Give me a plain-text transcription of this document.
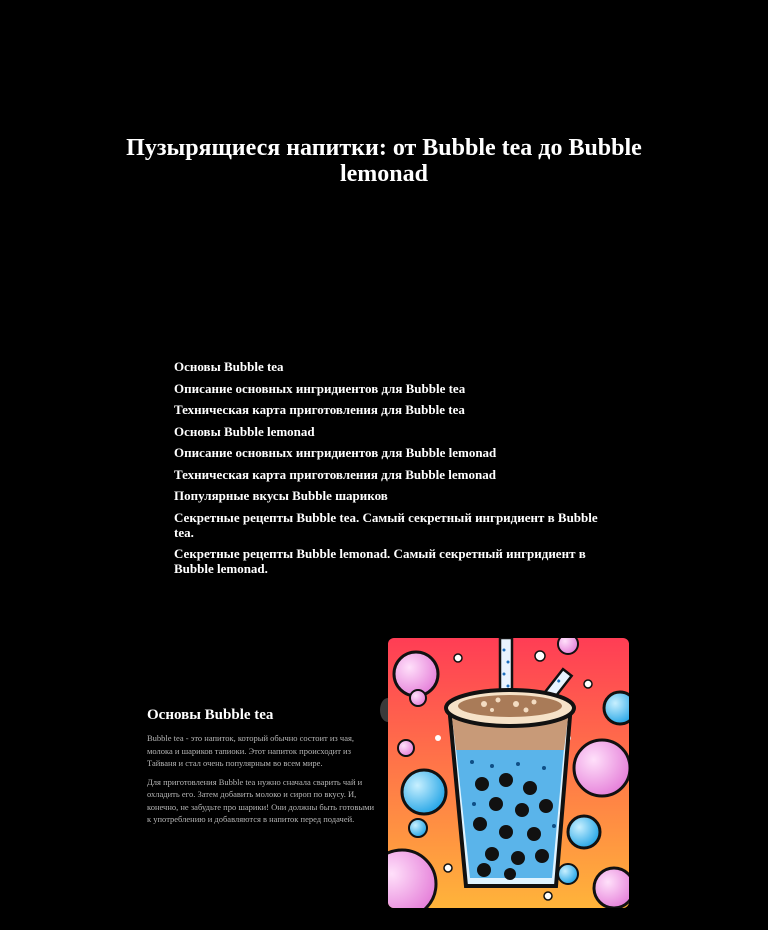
Пузырящиеся напитки: от Bubble tea до Bubble lemonad
Основы Bubble tea
Описание основных ингридиентов для Bubble tea
Техническая карта приготовления для Bubble tea
Основы Bubble lemonad
Описание основных ингридиентов для Bubble lemonad
Техническая карта приготовления для Bubble lemonad
Популярные вкусы Bubble шариков
Секретные рецепты Bubble tea. Самый секретный ингридиент в Bubble tea.
Секретные рецепты Bubble lemonad. Самый секретный ингридиент в Bubble lemonad.
Основы Bubble tea

Bubble tea - это напиток, который обычно состоит из чая, молока и шариков тапиоки. Этот напиток происходит из Тайваня и стал очень популярным во всем мире.

Для приготовления Bubble tea нужно сначала сварить чай и охладить его. Затем добавить молоко и сироп по вкусу. И, конечно, не забудьте про шарики! Они должны быть готовыми к употреблению и добавляются в напиток перед подачей.
